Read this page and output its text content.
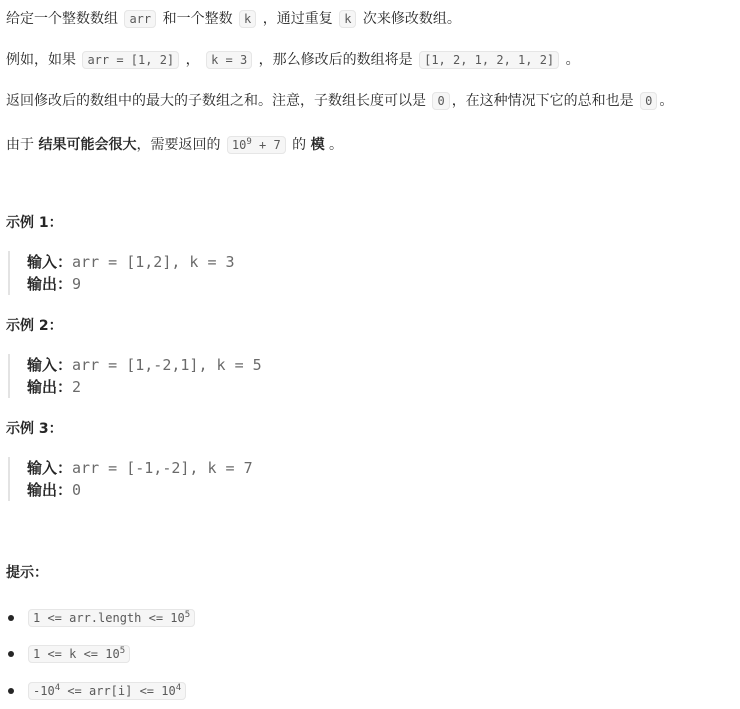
给定一个整数数组 arr 和一个整数 k ，通过重复 k 次来修改数组。
例如，如果 arr = [1, 2] ， k = 3 ，那么修改后的数组将是 [1, 2, 1, 2, 1, 2] 。
返回修改后的数组中的最大的子数组之和。注意，子数组长度可以是 0 ，在这种情况下它的总和也是 0 。
由于 结果可能会很大，需要返回的 $10^9 + 7$ 的 模 。
示例 1：
输入：arr = [1,2], k = 3
输出：9
示例 2：
输入：arr = [1,-2,1], k = 5
输出：2
示例 3：
输入：arr = [-1,-2], k = 7
输出：0
提示：
1 <= arr.length <= $10^5$
$1 <= k <= 10^5$
$-10^4 <= arr[i] <= 10^4$
